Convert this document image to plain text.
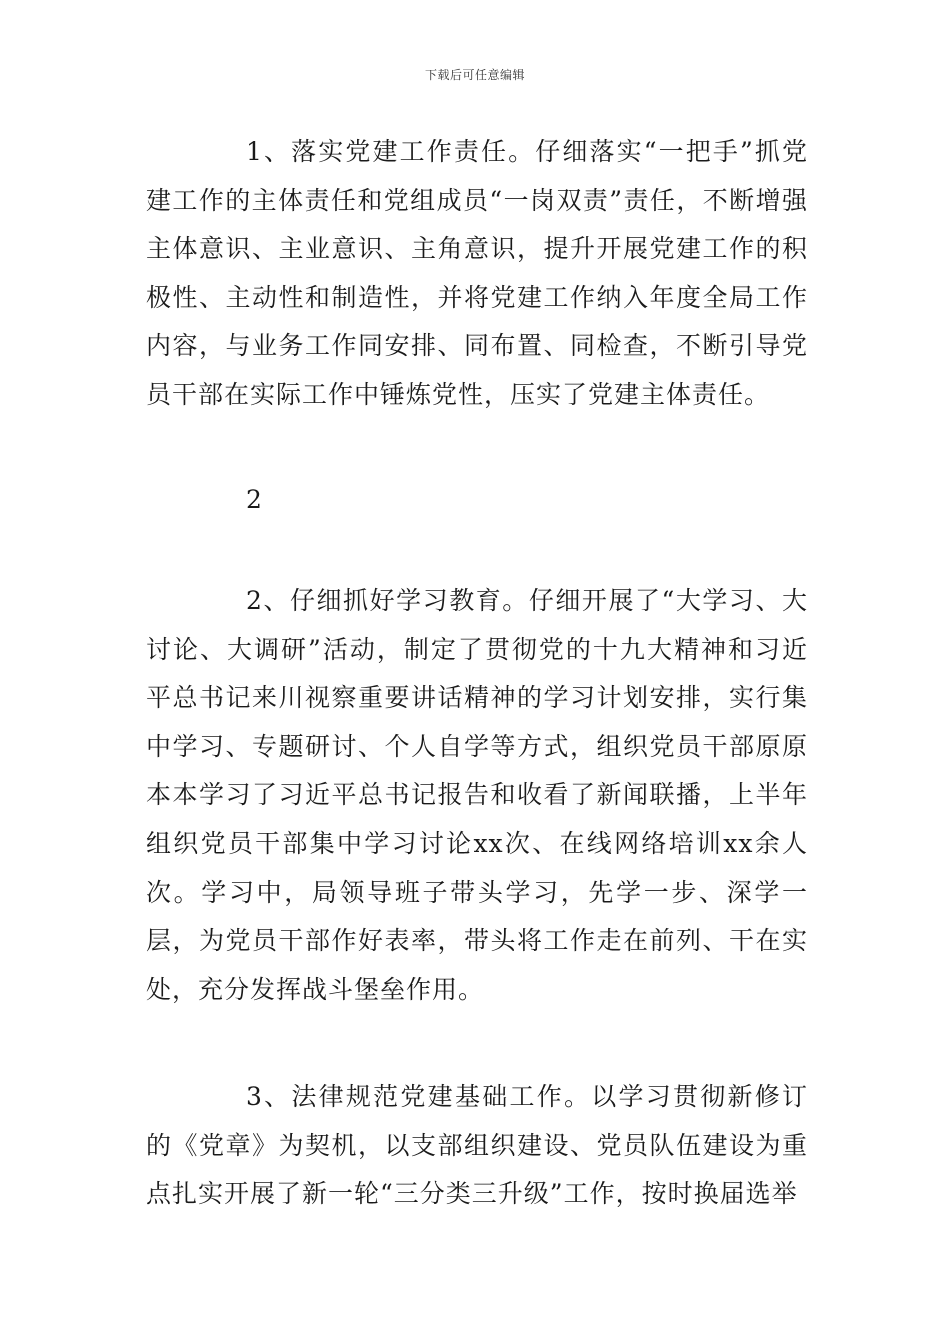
下载后可任意编辑

1、落实党建工作责任。仔细落实“一把手”抓党建工作的主体责任和党组成员“一岗双责”责任，不断增强主体意识、主业意识、主角意识，提升开展党建工作的积极性、主动性和制造性，并将党建工作纳入年度全局工作内容，与业务工作同安排、同布置、同检查，不断引导党员干部在实际工作中锤炼党性，压实了党建主体责任。

2

2、仔细抓好学习教育。仔细开展了“大学习、大讨论、大调研”活动，制定了贯彻党的十九大精神和习近平总书记来川视察重要讲话精神的学习计划安排，实行集中学习、专题研讨、个人自学等方式，组织党员干部原原本本学习了习近平总书记报告和收看了新闻联播，上半年组织党员干部集中学习讨论xx次、在线网络培训xx余人次。学习中，局领导班子带头学习，先学一步、深学一层，为党员干部作好表率，带头将工作走在前列、干在实处，充分发挥战斗堡垒作用。

3、法律规范党建基础工作。以学习贯彻新修订的《党章》为契机，以支部组织建设、党员队伍建设为重点扎实开展了新一轮“三分类三升级”工作，按时换届选举
